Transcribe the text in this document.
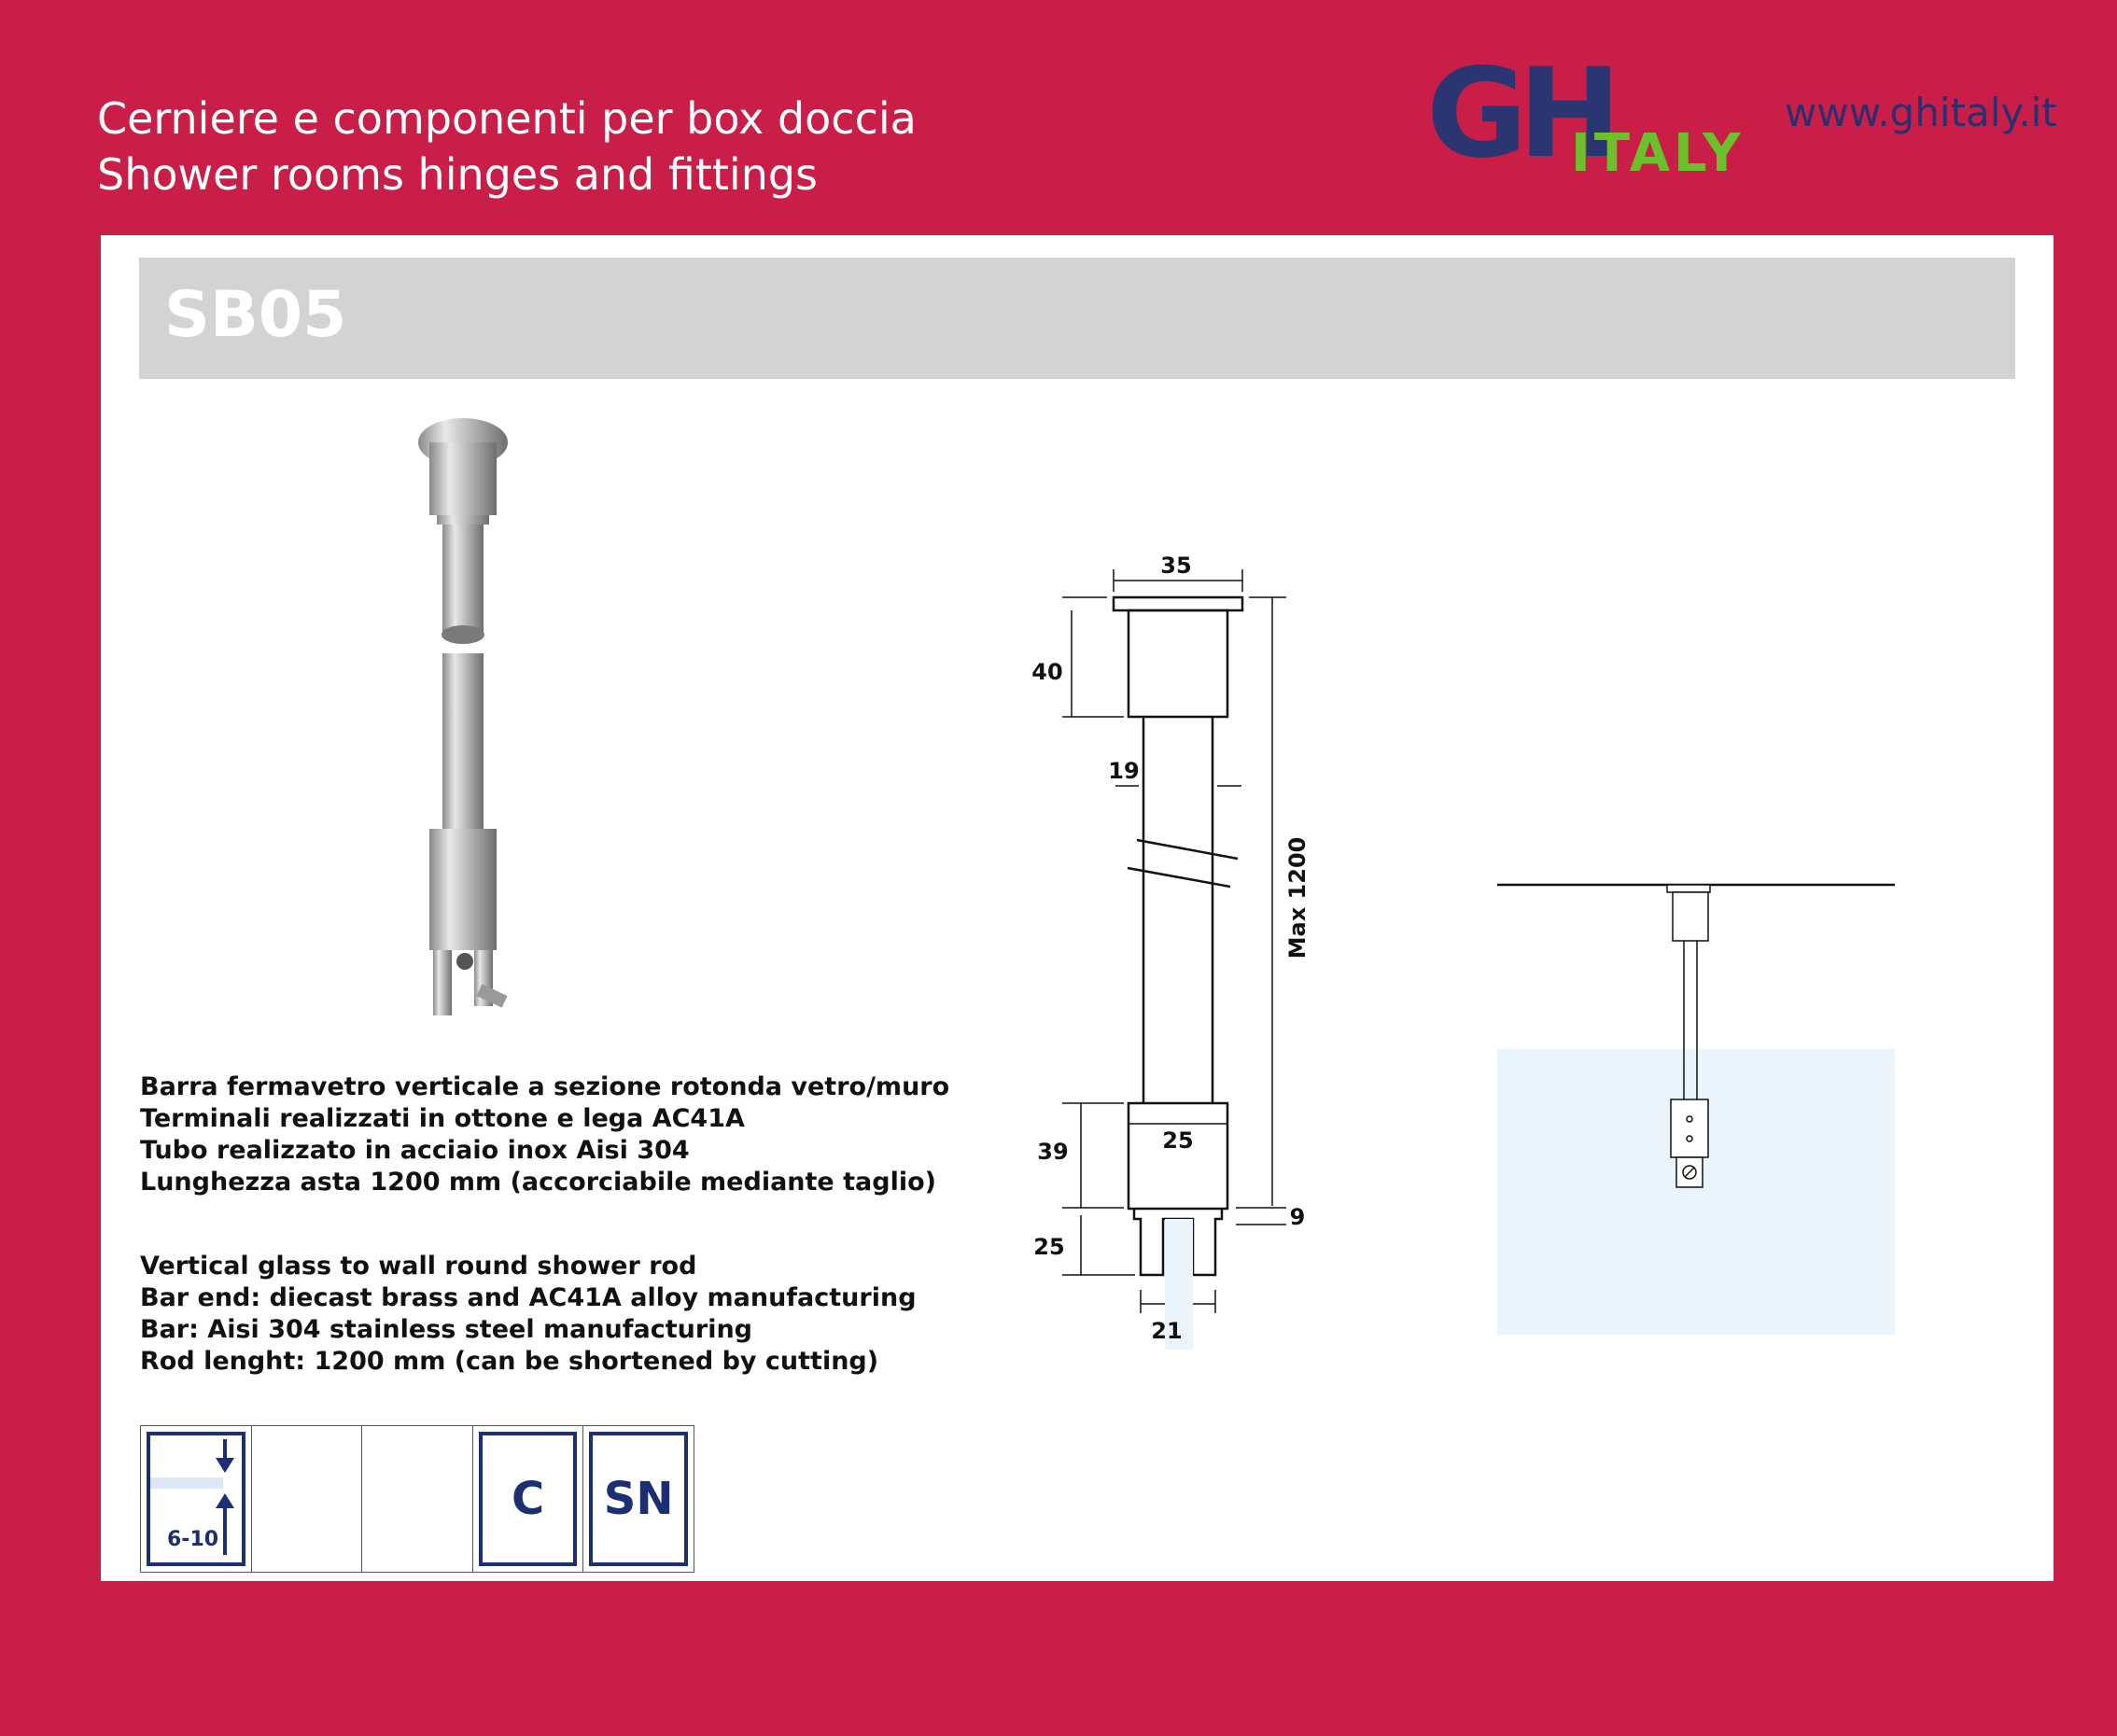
Cerniere e componenti per box doccia
Shower rooms hinges and fittings	GH
ITALY
www.ghitaly.it
SB05
Barra fermavetro verticale a sezione rotonda vetro/muro
Terminali realizzati in ottone e lega AC41A
Tubo realizzato in acciaio inox Aisi 304
Lunghezza asta 1200 mm (accorciabile mediante taglio)
Vertical glass to wall round shower rod
Bar end: diecast brass and AC41A alloy manufacturing
Bar: Aisi 304 stainless steel manufacturing
Rod lenght: 1200 mm (can be shortened by cutting)
35
40
19
Max 1200
25
39
9
25
21
6-10
C SN
